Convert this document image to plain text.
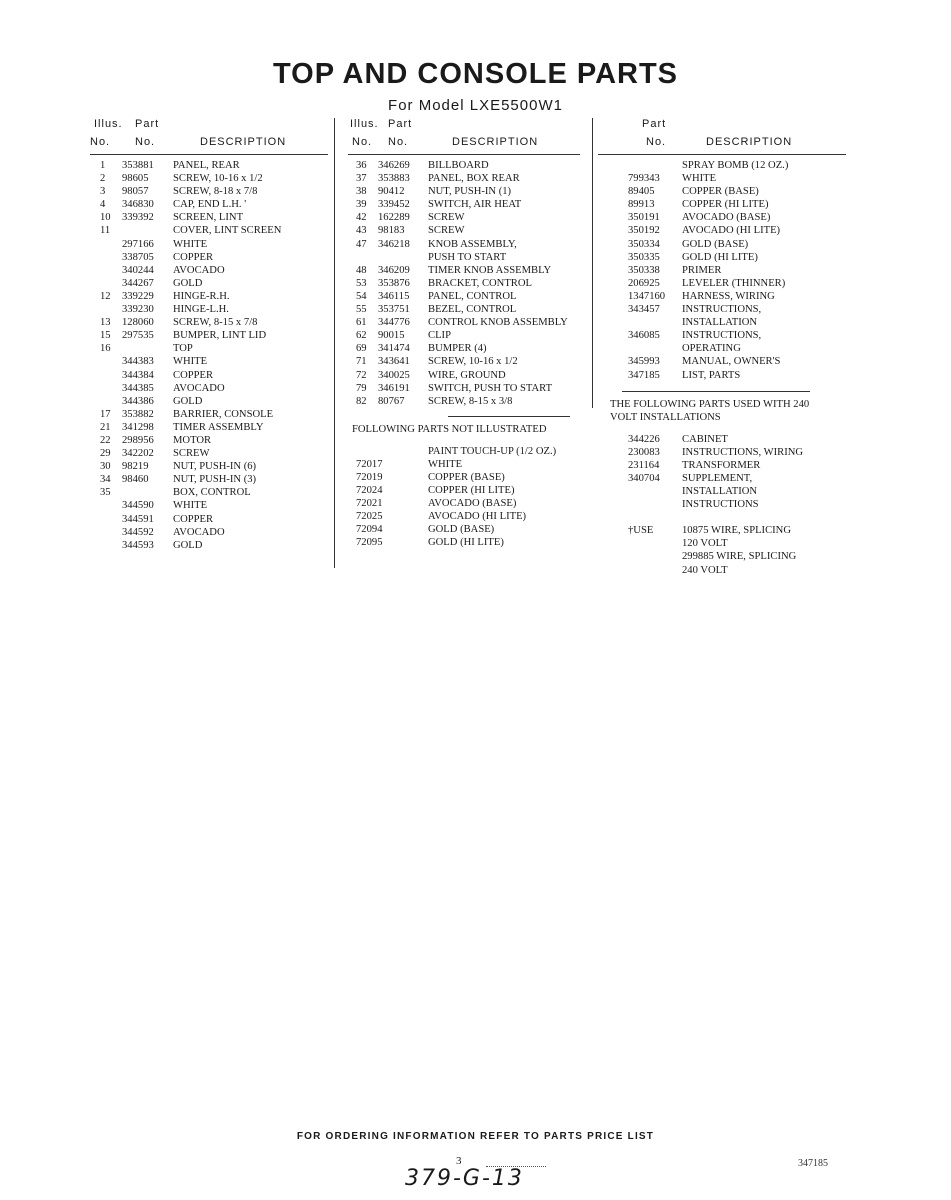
TOP AND CONSOLE PARTS
For Model LXE5500W1
Illus. Part
No. No.	DESCRIPTION
1 353881 PANEL, REAR
2 98605 SCREW, 10-16 x 1/2
3 98057 SCREW, 8-18 x 7/8
4 346830 CAP, END L.H. '
10 339392 SCREEN, LINT
11	COVER, LINT SCREEN
297166 WHITE
338705 COPPER
340244 AVOCADO
344267 GOLD
12 339229 HINGE-R.H.
339230 HINGE-L.H.
13 128060 SCREW, 8-15 x 7/8
15 297535 BUMPER, LINT LID
16	TOP
344383 WHITE
344384 COPPER
344385 AVOCADO
344386 GOLD
17 353882 BARRIER, CONSOLE
21 341298 TIMER ASSEMBLY
22 298956 MOTOR
29 342202 SCREW
30 98219 NUT, PUSH-IN (6)
34 98460 NUT, PUSH-IN (3)
35	BOX, CONTROL
344590 WHITE
344591 COPPER
344592 AVOCADO
344593 GOLD
Illus. Part
No. No.	DESCRIPTION
36 346269 BILLBOARD
37 353883 PANEL, BOX REAR
38 90412 NUT, PUSH-IN (1)
39 339452 SWITCH, AIR HEAT
42 162289 SCREW
43 98183 SCREW
47 346218 KNOB ASSEMBLY,
PUSH TO START
48 346209 TIMER KNOB ASSEMBLY
53 353876 BRACKET, CONTROL
54 346115 PANEL, CONTROL
55 353751 BEZEL, CONTROL
61 344776 CONTROL KNOB ASSEMBLY
62 90015 CLIP
69 341474 BUMPER (4)
71 343641 SCREW, 10-16 x 1/2
72 340025 WIRE, GROUND
79 346191 SWITCH, PUSH TO START
82 80767 SCREW, 8-15 x 3/8
FOLLOWING PARTS NOT ILLUSTRATED
PAINT TOUCH-UP (1/2 OZ.)
72017	WHITE
72019	COPPER (BASE)
72024	COPPER (HI LITE)
72021	AVOCADO (BASE)
72025	AVOCADO (HI LITE)
72094	GOLD (BASE)
72095	GOLD (HI LITE)
Part
No.	DESCRIPTION
SPRAY BOMB (12 OZ.)
799343 WHITE
89405	COPPER (BASE)
89913	COPPER (HI LITE)
350191 AVOCADO (BASE)
350192 AVOCADO (HI LITE)
350334 GOLD (BASE)
350335 GOLD (HI LITE)
350338 PRIMER
206925 LEVELER (THINNER)
1347160 HARNESS, WIRING
343457 INSTRUCTIONS,
INSTALLATION
346085 INSTRUCTIONS,
OPERATING
345993 MANUAL, OWNER'S
347185 LIST, PARTS
THE FOLLOWING PARTS USED WITH 240 VOLT INSTALLATIONS
344226 CABINET
230083 INSTRUCTIONS, WIRING
231164 TRANSFORMER
340704 SUPPLEMENT,
INSTALLATION
INSTRUCTIONS
†USE	10875 WIRE, SPLICING
120 VOLT
299885 WIRE, SPLICING
240 VOLT
FOR ORDERING INFORMATION REFER TO PARTS PRICE LIST
3	347185
379-G-13
